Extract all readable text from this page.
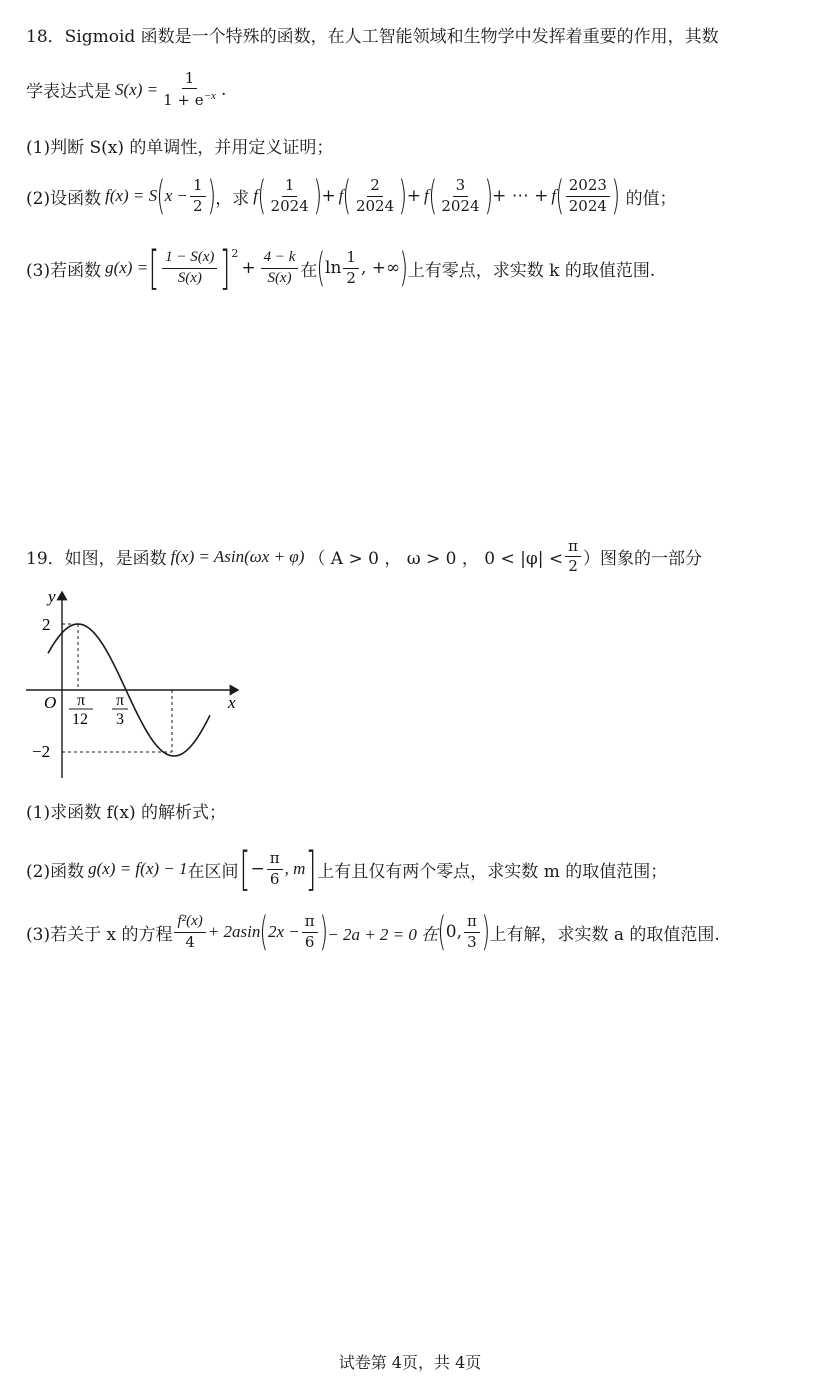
18．Sigmoid 函数是一个特殊的函数，在人工智能领域和生物学中发挥着重要的作用，其数
学表达式是 $S(x) = \frac{1}{1 + e^{-x}}$ .
(1)判断 S(x) 的单调性，并用定义证明；
(2)设函数 f(x) = S ( $x - \frac{1}{2}$ ) ，求 f ( $\frac{1}{2024}$ ) + f ( $\frac{2}{2024}$ ) + f ( $\frac{3}{2024}$ ) + ⋯ + f ( $\frac{2023}{2024}$ ) 的值；
(3)若函数 g(x) = [ $\frac{1 - S(x)}{S(x)}$ ] 2
+ $\frac{4 - k}{S(x)}$ 在 ( $\ln \frac{1}{2}$ , +∞ ) 上有零点，求实数 k 的取值范围.
19．如图，是函数 f(x) = Asin(ωx + φ) （ A > 0 ， ω > 0 ， $0 < |\varphi| < \frac{\pi}{2}$ ）图象的一部分
y
x
O
2
−2
π
12
π
3
(1)求函数 f(x) 的解析式；
(2)函数 g(x) = f(x) − 1 在区间 [ − $\frac{\pi}{6}$ , m ] 上有且仅有两个零点，求实数 m 的取值范围；
(3)若关于 x 的方程 $\frac{\text{f²(x)}}{4} + 2asin$ ( $2x - \frac{\pi}{6}$ ) − 2a + 2 = 0 在 ( 0, $\frac{\pi}{3}$ ) 上有解，求实数 a 的取值范围.
试卷第 4页，共 4页
